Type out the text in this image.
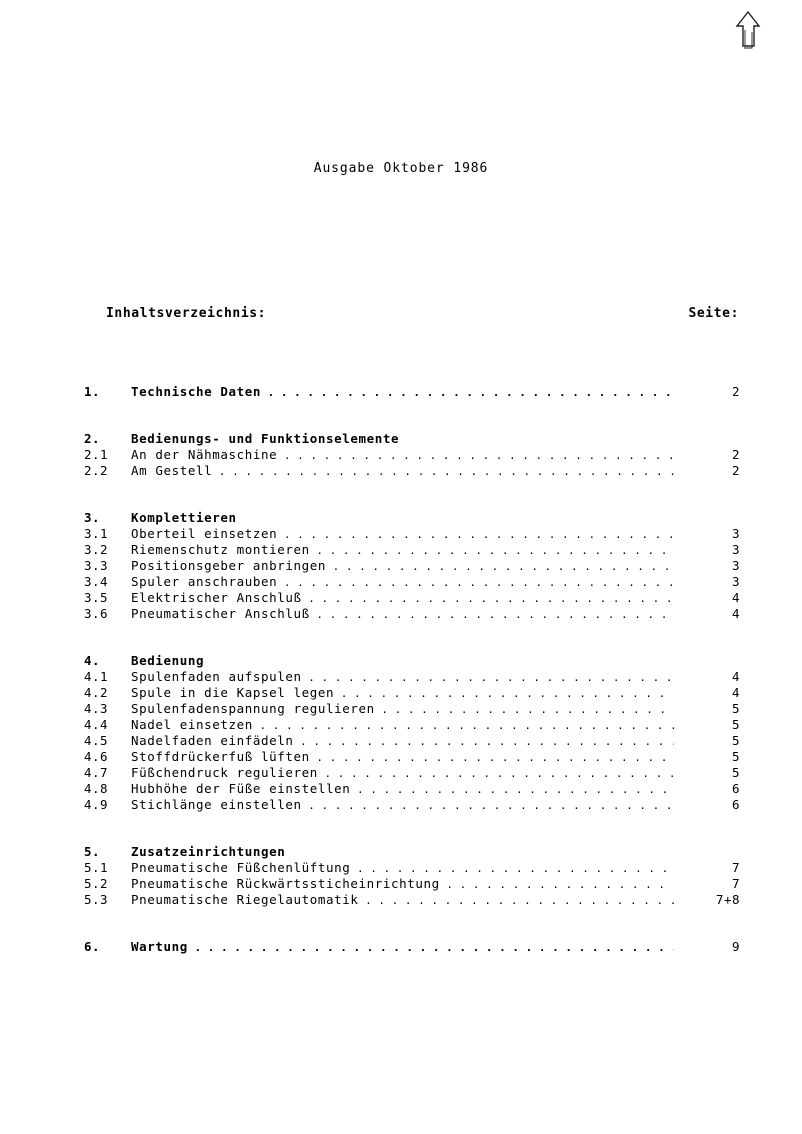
Ausgabe Oktober 1986
Inhaltsverzeichnis:	Seite:
1.	Technische Daten . . .	2
2.	Bedienungs- und Funktionselemente
2.1	An der Nähmaschine . . .	2
2.2	Am Gestell . . .	2
3.	Komplettieren
3.1	Oberteil einsetzen . . .	3
3.2	Riemenschutz montieren . . .	3
3.3	Positionsgeber anbringen . . .	3
3.4	Spuler anschrauben . . .	3
3.5	Elektrischer Anschluß . . .	4
3.6	Pneumatischer Anschluß . . .	4
4.	Bedienung
4.1	Spulenfaden aufspulen . . .	4
4.2	Spule in die Kapsel legen . . .	4
4.3	Spulenfadenspannung regulieren . . .	5
4.4	Nadel einsetzen . . .	5
4.5	Nadelfaden einfädeln . . .	5
4.6	Stoffdrückerfuß lüften . . .	5
4.7	Füßchendruck regulieren . . .	5
4.8	Hubhöhe der Füße einstellen . . .	6
4.9	Stichlänge einstellen . . .	6
5.	Zusatzeinrichtungen
5.1	Pneumatische Füßchenlüftung . . .	7
5.2	Pneumatische Rückwärtssticheinrichtung . . .	7
5.3	Pneumatische Riegelautomatik . . .	7+8
6.	Wartung . . .	9
